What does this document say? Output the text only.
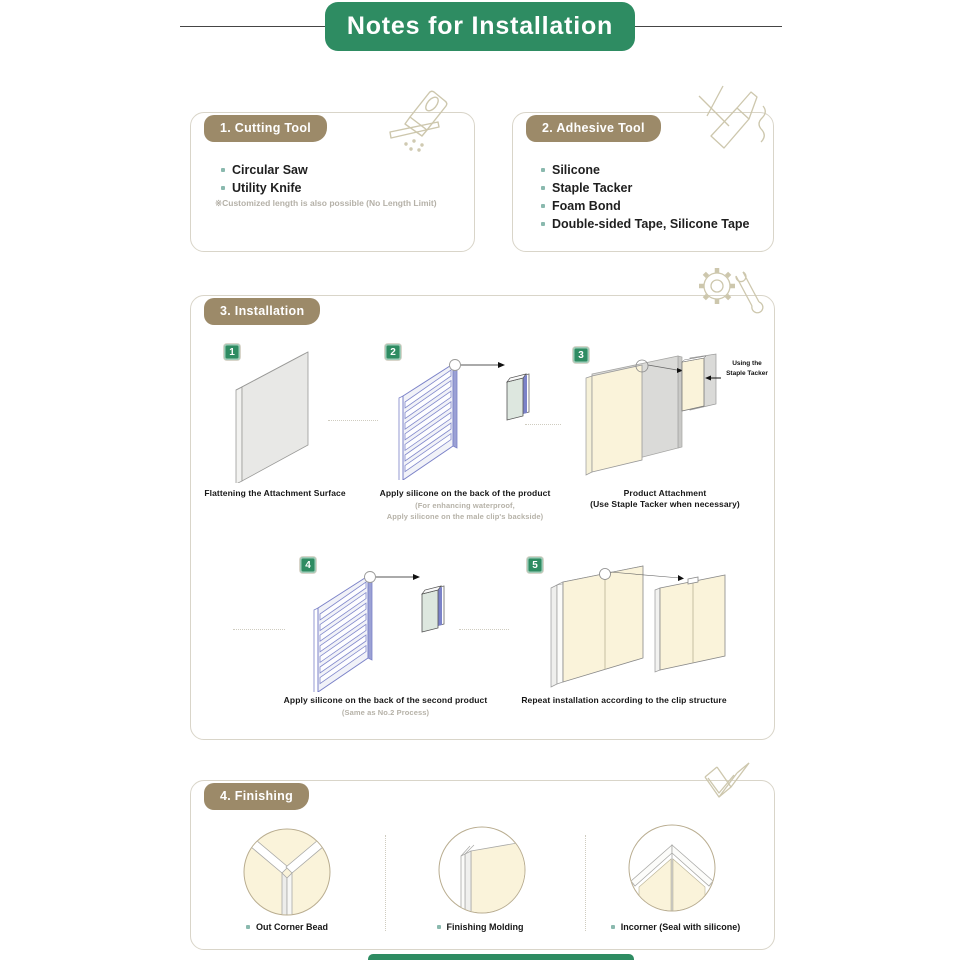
Notes for Installation
1. Cutting Tool
Circular Saw
Utility Knife
※Customized length is also possible (No Length Limit)
2. Adhesive Tool
Silicone
Staple Tacker
Foam Bond
Double-sided Tape, Silicone Tape
3. Installation
1	2	3
4	5
Using the
Staple Tacker
Flattening the Attachment Surface	Apply silicone on the back of the product
(For enhancing waterproof,
Apply silicone on the male clip's backside)
Product Attachment
(Use Staple Tacker when necessary)
Apply silicone on the back of the second product
(Same as No.2 Process)
Repeat installation according to the clip structure
4. Finishing
Out Corner Bead	Finishing Molding	Incorner (Seal with silicone)
